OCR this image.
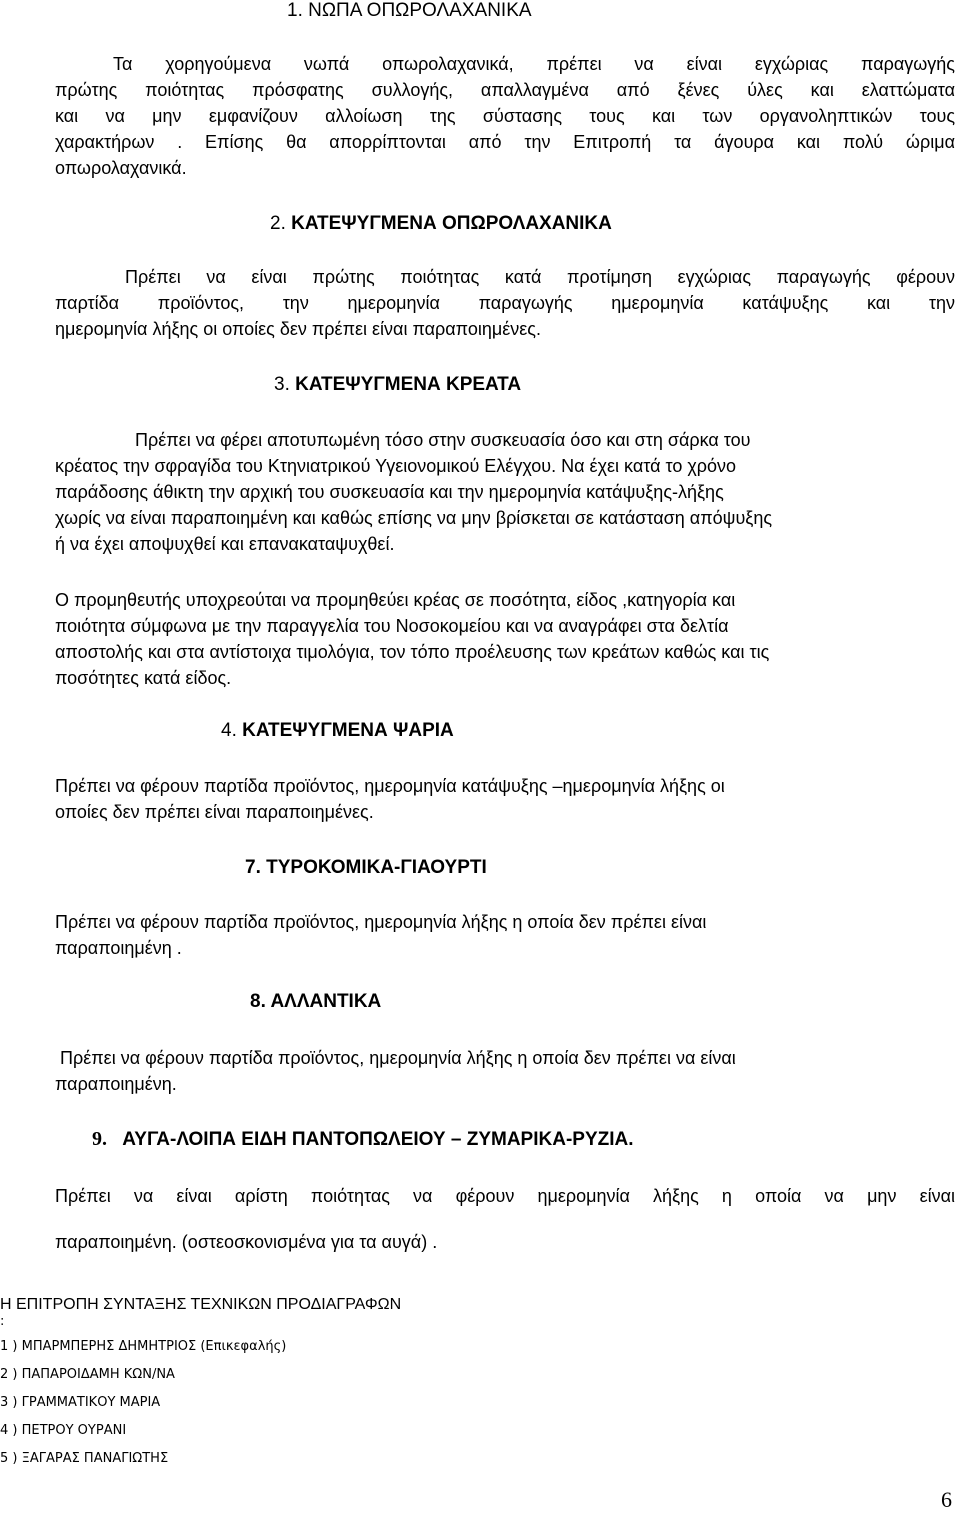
1. ΝΩΠΑ ΟΠΩΡΟΛΑΧΑΝΙΚΑ
Τα χορηγούμενα νωπά οπωρολαχανικά, πρέπει να είναι εγχώριας παραγωγής
πρώτης ποιότητας πρόσφατης συλλογής, απαλλαγμένα από ξένες ύλες και ελαττώματα
και να μην εμφανίζουν αλλοίωση της σύστασης τους και των οργανοληπτικών τους
χαρακτήρων . Επίσης θα απορρίπτονται από την Επιτροπή τα άγουρα και πολύ ώριμα
οπωρολαχανικά.
2. ΚΑΤΕΨΥΓΜΕΝΑ ΟΠΩΡΟΛΑΧΑΝΙΚΑ
Πρέπει να είναι πρώτης ποιότητας κατά προτίμηση εγχώριας παραγωγής φέρουν
παρτίδα προϊόντος, την ημερομηνία παραγωγής ημερομηνία κατάψυξης και την
ημερομηνία λήξης οι οποίες δεν πρέπει είναι παραποιημένες.
3. ΚΑΤΕΨΥΓΜΕΝΑ ΚΡΕΑΤΑ
Πρέπει να φέρει αποτυπωμένη τόσο στην συσκευασία όσο και στη σάρκα του
κρέατος την σφραγίδα του Κτηνιατρικού Υγειονομικού Ελέγχου. Να έχει κατά το χρόνο
παράδοσης άθικτη την αρχική του συσκευασία και την ημερομηνία κατάψυξης-λήξης
χωρίς να είναι παραποιημένη και καθώς επίσης να μην βρίσκεται σε κατάσταση απόψυξης
ή να έχει αποψυχθεί και επανακαταψυχθεί.
Ο προμηθευτής υποχρεούται να προμηθεύει κρέας σε ποσότητα, είδος ,κατηγορία και
ποιότητα σύμφωνα με την παραγγελία του Νοσοκομείου και να αναγράφει στα δελτία
αποστολής και στα αντίστοιχα τιμολόγια, τον τόπο προέλευσης των κρεάτων καθώς και τις
ποσότητες κατά είδος.
4. ΚΑΤΕΨΥΓΜΕΝΑ ΨΑΡΙΑ
Πρέπει να φέρουν παρτίδα προϊόντος, ημερομηνία κατάψυξης –ημερομηνία λήξης οι
οποίες δεν πρέπει είναι παραποιημένες.
7. ΤΥΡΟΚΟΜΙΚΑ-ΓΙΑΟΥΡΤΙ
Πρέπει να φέρουν παρτίδα προϊόντος, ημερομηνία λήξης η οποία δεν πρέπει είναι
παραποιημένη .
8. ΑΛΛΑΝΤΙΚΑ
Πρέπει να φέρουν παρτίδα προϊόντος, ημερομηνία λήξης η οποία δεν πρέπει να είναι
παραποιημένη.
9. ΑΥΓΑ-ΛΟΙΠΑ ΕΙΔΗ ΠΑΝΤΟΠΩΛΕΙΟΥ – ΖΥΜΑΡΙΚΑ-ΡΥΖΙΑ.
Πρέπει να είναι αρίστη ποιότητας να φέρουν ημερομηνία λήξης η οποία να μην είναι
παραποιημένη. (οστεοσκονισμένα για τα αυγά) .
Η ΕΠΙΤΡΟΠΗ ΣΥΝΤΑΞΗΣ ΤΕΧΝΙΚΩΝ ΠΡΟΔΙΑΓΡΑΦΩΝ
:
1 ) ΜΠΑΡΜΠΕΡΗΣ ΔΗΜΗΤΡΙΟΣ (Επικεφαλής)
2 ) ΠΑΠΑΡΟΙΔΑΜΗ ΚΩΝ/ΝΑ
3 ) ΓΡΑΜΜΑΤΙΚΟΥ ΜΑΡΙΑ
4 ) ΠΕΤΡΟΥ ΟΥΡΑΝΙ
5 ) ΞΑΓΑΡΑΣ ΠΑΝΑΓΙΩΤΗΣ
6
